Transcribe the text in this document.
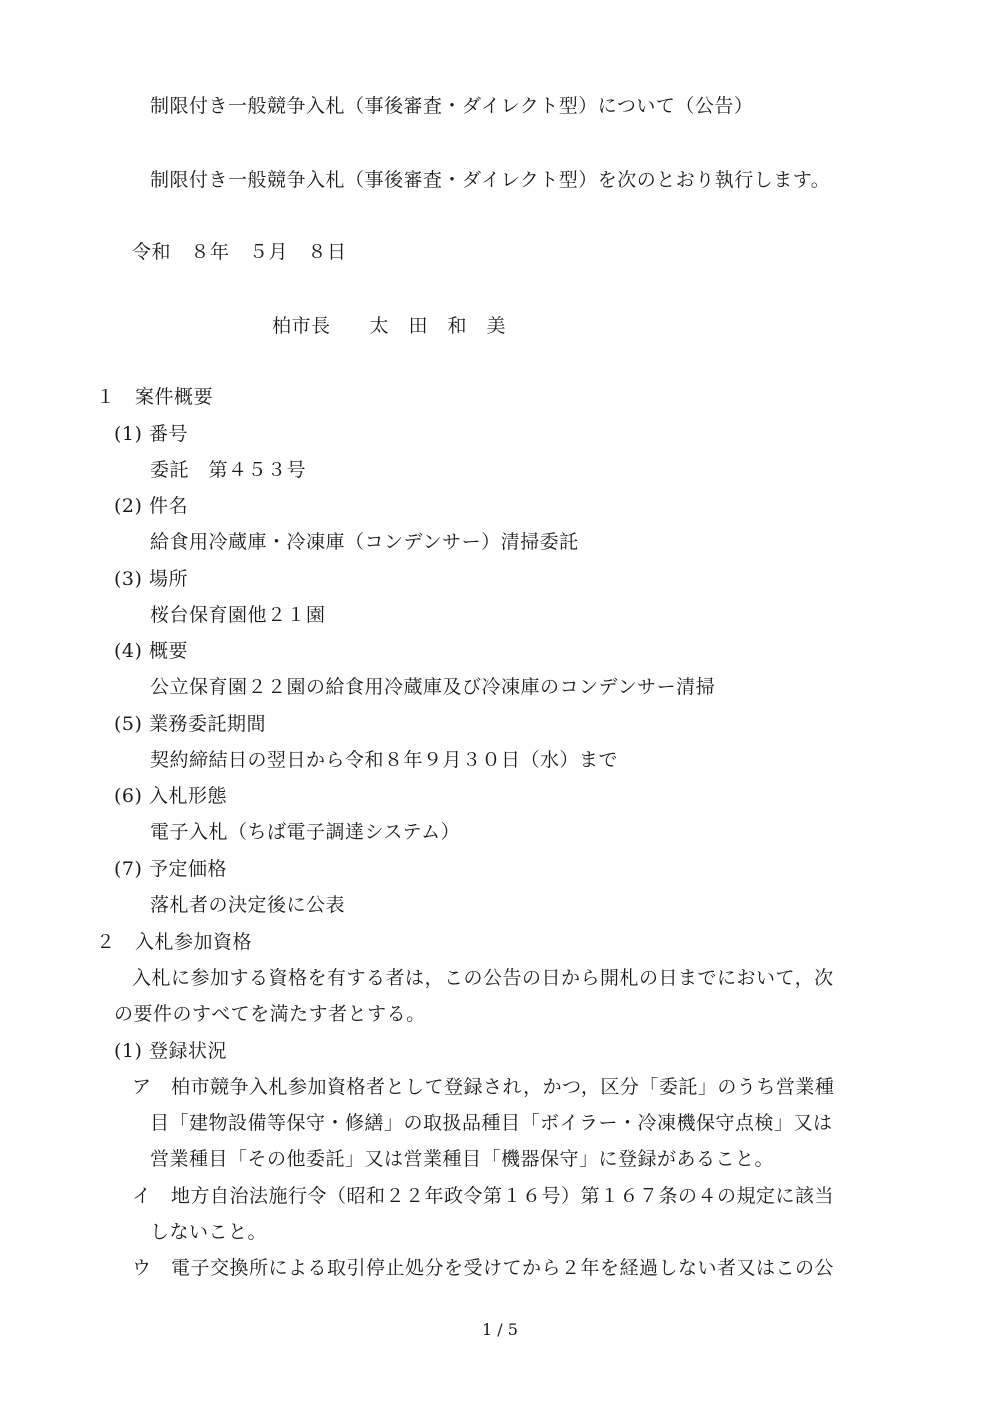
制限付き一般競争入札（事後審査・ダイレクト型）について（公告）
制限付き一般競争入札（事後審査・ダイレクト型）を次のとおり執行します。
令和　８年　５月　８日
柏市長　　太　田　和　美
１　案件概要
(1) 番号
委託　第４５３号
(2) 件名
給食用冷蔵庫・冷凍庫（コンデンサー）清掃委託
(3) 場所
桜台保育園他２１園
(4) 概要
公立保育園２２園の給食用冷蔵庫及び冷凍庫のコンデンサー清掃
(5) 業務委託期間
契約締結日の翌日から令和８年９月３０日（水）まで
(6) 入札形態
電子入札（ちば電子調達システム）
(7) 予定価格
落札者の決定後に公表
２　入札参加資格
入札に参加する資格を有する者は，この公告の日から開札の日までにおいて，次
の要件のすべてを満たす者とする。
(1) 登録状況
ア　柏市競争入札参加資格者として登録され，かつ，区分「委託」のうち営業種
目「建物設備等保守・修繕」の取扱品種目「ボイラー・冷凍機保守点検」又は
営業種目「その他委託」又は営業種目「機器保守」に登録があること。
イ　地方自治法施行令（昭和２２年政令第１６号）第１６７条の４の規定に該当
しないこと。
ウ　電子交換所による取引停止処分を受けてから２年を経過しない者又はこの公
1 / 5
